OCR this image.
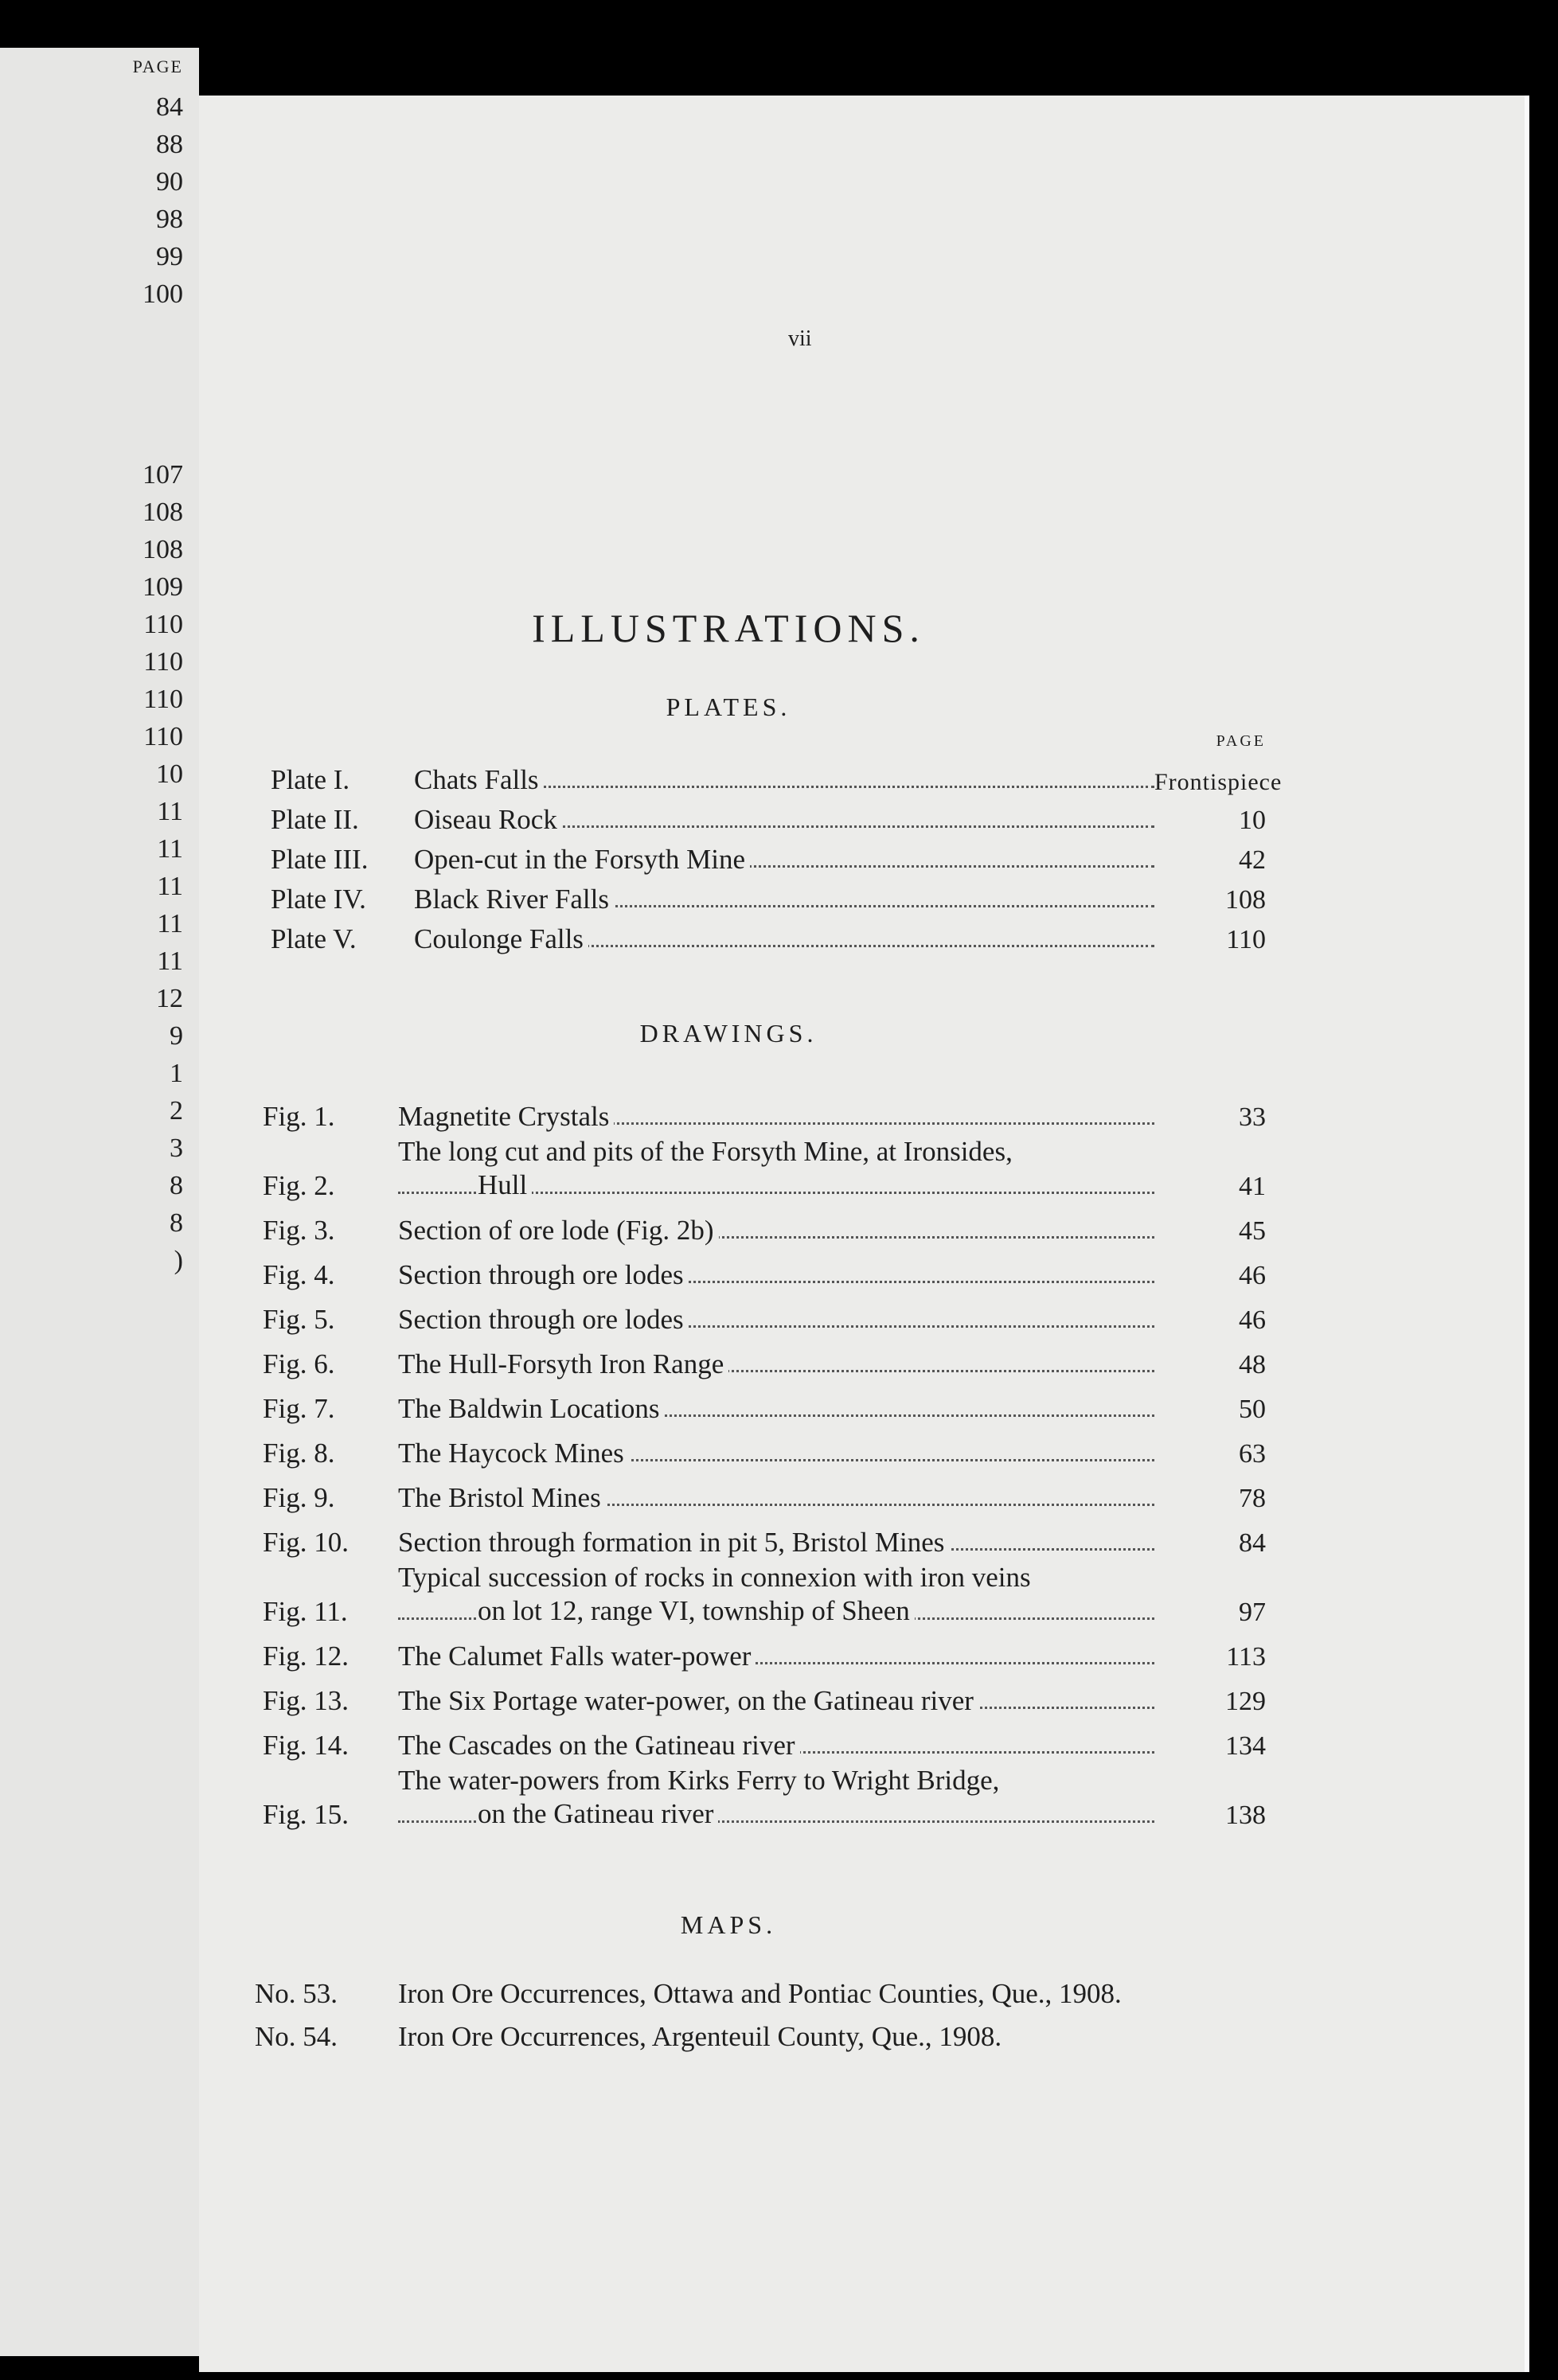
PAGE
84
88
90
98
99
100
107
108
108
109
110
110
110
110
10
11
11
11
11
11
12
9
1
2
3
8
8
)
vii
ILLUSTRATIONS.
PLATES.
PAGE
Plate I.	Chats Falls	Frontispiece
Plate II.	Oiseau Rock	10
Plate III.	Open-cut in the Forsyth Mine	42
Plate IV.	Black River Falls	108
Plate V.	Coulonge Falls	110
DRAWINGS.
Fig. 1.	Magnetite Crystals	33
Fig. 2.
The long cut and pits of the Forsyth Mine, at Ironsides,
Hull	41
Fig. 3.	Section of ore lode (Fig. 2b)	45
Fig. 4.	Section through ore lodes	46
Fig. 5.	Section through ore lodes	46
Fig. 6.	The Hull-Forsyth Iron Range	48
Fig. 7.	The Baldwin Locations	50
Fig. 8.	The Haycock Mines	63
Fig. 9.	The Bristol Mines	78
Fig. 10.	Section through formation in pit 5, Bristol Mines	84
Fig. 11.
Typical succession of rocks in connexion with iron veins
on lot 12, range VI, township of Sheen	97
Fig. 12.	The Calumet Falls water-power	113
Fig. 13.	The Six Portage water-power, on the Gatineau river	129
Fig. 14.	The Cascades on the Gatineau river	134
Fig. 15.
The water-powers from Kirks Ferry to Wright Bridge,
on the Gatineau river	138
MAPS.
No. 53.	Iron Ore Occurrences, Ottawa and Pontiac Counties, Que., 1908.
No. 54.	Iron Ore Occurrences, Argenteuil County, Que., 1908.
